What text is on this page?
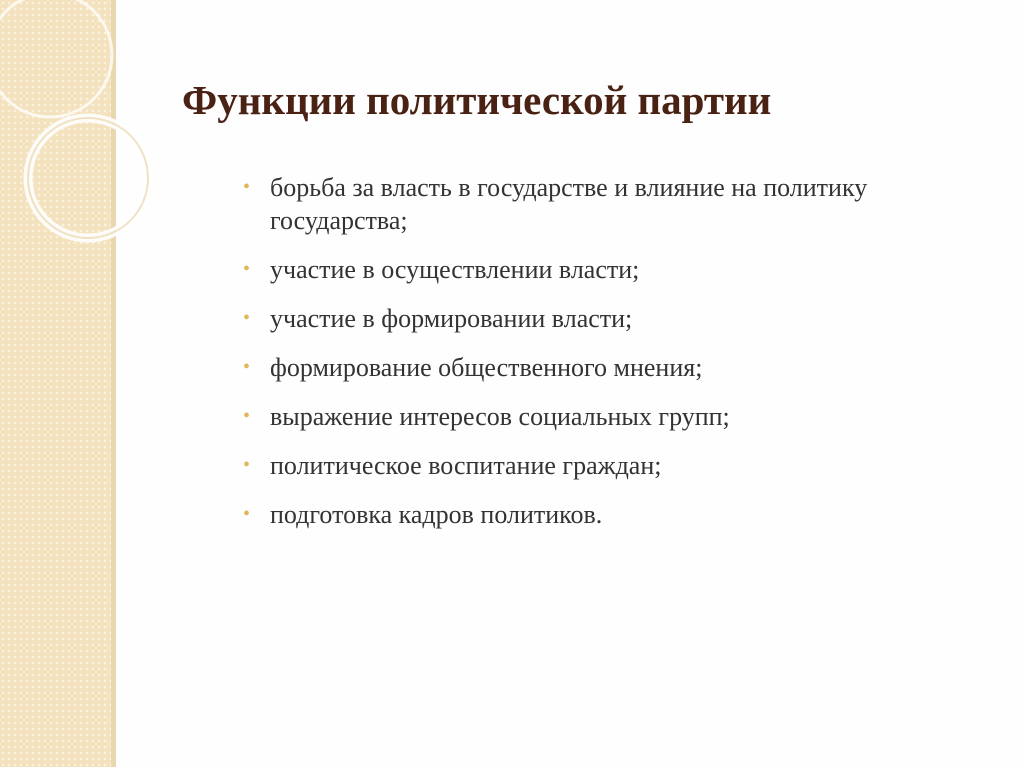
Функции политической партии
• борьба за власть в государстве и влияние на политику государства;
• участие в осуществлении власти;
• участие в формировании власти;
• формирование общественного мнения;
• выражение интересов социальных групп;
• политическое воспитание граждан;
• подготовка кадров политиков.
